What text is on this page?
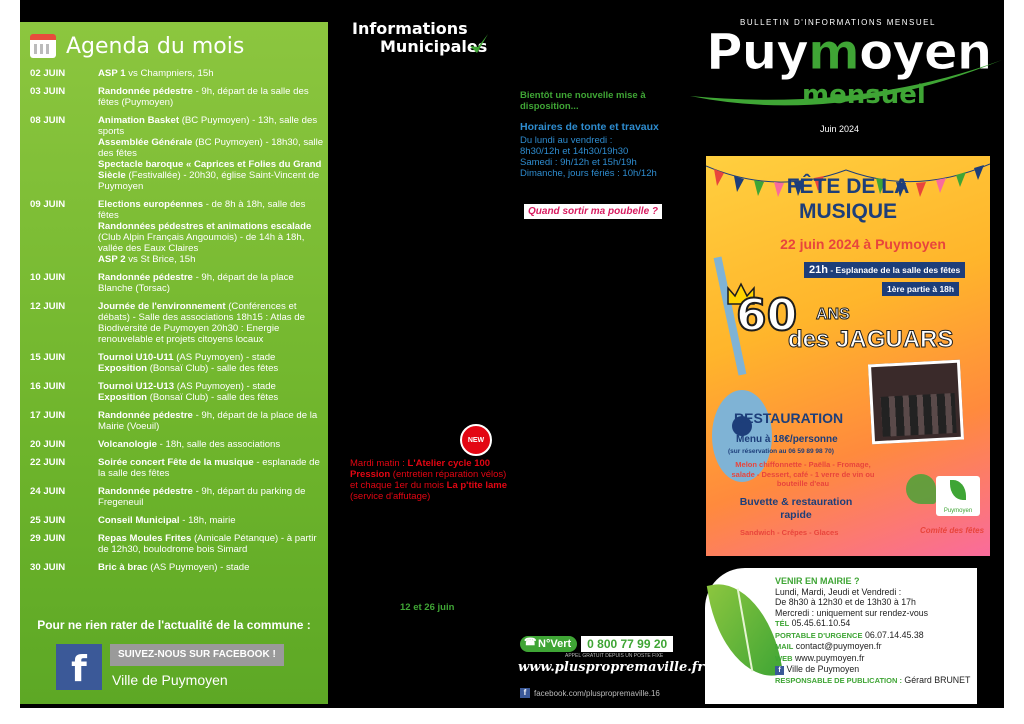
Agenda du mois
02 JUIN	ASP 1 vs Champniers, 15h
03 JUIN	Randonnée pédestre - 9h, départ de la salle des fêtes (Puymoyen)
08 JUIN	Animation Basket (BC Puymoyen) - 13h, salle des sports
Assemblée Générale (BC Puymoyen) - 18h30, salle des fêtes
Spectacle baroque « Caprices et Folies du Grand Siècle (Festivallée) - 20h30, église Saint-Vincent de Puymoyen
09 JUIN	Elections européennes - de 8h à 18h, salle des fêtes
Randonnées pédestres et animations escalade (Club Alpin Français Angoumois) - de 14h à 18h, vallée des Eaux Claires
ASP 2 vs St Brice, 15h
10 JUIN	Randonnée pédestre - 9h, départ de la place Blanche (Torsac)
12 JUIN	Journée de l'environnement (Conférences et débats) - Salle des associations 18h15 : Atlas de Biodiversité de Puymoyen 20h30 : Energie renouvelable et projets citoyens locaux
15 JUIN	Tournoi U10-U11 (AS Puymoyen) - stade
Exposition (Bonsaï Club) - salle des fêtes
16 JUIN	Tournoi U12-U13 (AS Puymoyen) - stade
Exposition (Bonsaï Club) - salle des fêtes
17 JUIN	Randonnée pédestre - 9h, départ de la place de la Mairie (Voeuil)
20 JUIN	Volcanologie - 18h, salle des associations
22 JUIN	Soirée concert Fête de la musique - esplanade de la salle des fêtes
24 JUIN	Randonnée pédestre - 9h, départ du parking de Fregeneuil
25 JUIN	Conseil Municipal - 18h, mairie
29 JUIN	Repas Moules Frites (Amicale Pétanque) - à partir de 12h30, boulodrome bois Simard
30 JUIN	Bric à brac (AS Puymoyen) - stade
Pour ne rien rater de l'actualité de la commune :
f	SUIVEZ-NOUS SUR FACEBOOK !
Ville de Puymoyen
Informations
Municipales
Bientôt une nouvelle mise à disposition...
Horaires de tonte et travaux
Du lundi au vendredi :
8h30/12h et 14h30/19h30
Samedi : 9h/12h et 15h/19h
Dimanche, jours fériés : 10h/12h
Quand sortir ma poubelle ?
NEW
Mardi matin : L'Atelier cycle 100 Pression (entretien réparation vélos) et chaque 1er du mois La p'tite lame (service d'affutage)
12 et 26 juin
☎ N°Vert	0 800 77 99 20
APPEL GRATUIT DEPUIS UN POSTE FIXE
www.pluspropremaville.fr
f facebook.com/pluspropremaville.16
BULLETIN D'INFORMATIONS MENSUEL
Puymoyen
mensuel
Juin 2024
FÊTE DE LA
MUSIQUE
22 juin 2024 à Puymoyen
21h - Esplanade de la salle des fêtes
1ère partie à 18h
60 ANS
des JAGUARS
RESTAURATION
Menu à 18€/personne
(sur réservation au 06 59 89 98 70)
Melon chiffonnette - Paëlla - Fromage, salade - Dessert, café - 1 verre de vin ou bouteille d'eau
Buvette & restauration rapide
Sandwich - Crêpes - Glaces
Puymoyen
Comité des fêtes
VENIR EN MAIRIE ?
Lundi, Mardi, Jeudi et Vendredi :
De 8h30 à 12h30 et de 13h30 à 17h
Mercredi : uniquement sur rendez-vous
TÉL 05.45.61.10.54
PORTABLE D'URGENCE 06.07.14.45.38
MAIL contact@puymoyen.fr
WEB www.puymoyen.fr
f Ville de Puymoyen
RESPONSABLE DE PUBLICATION : Gérard BRUNET
